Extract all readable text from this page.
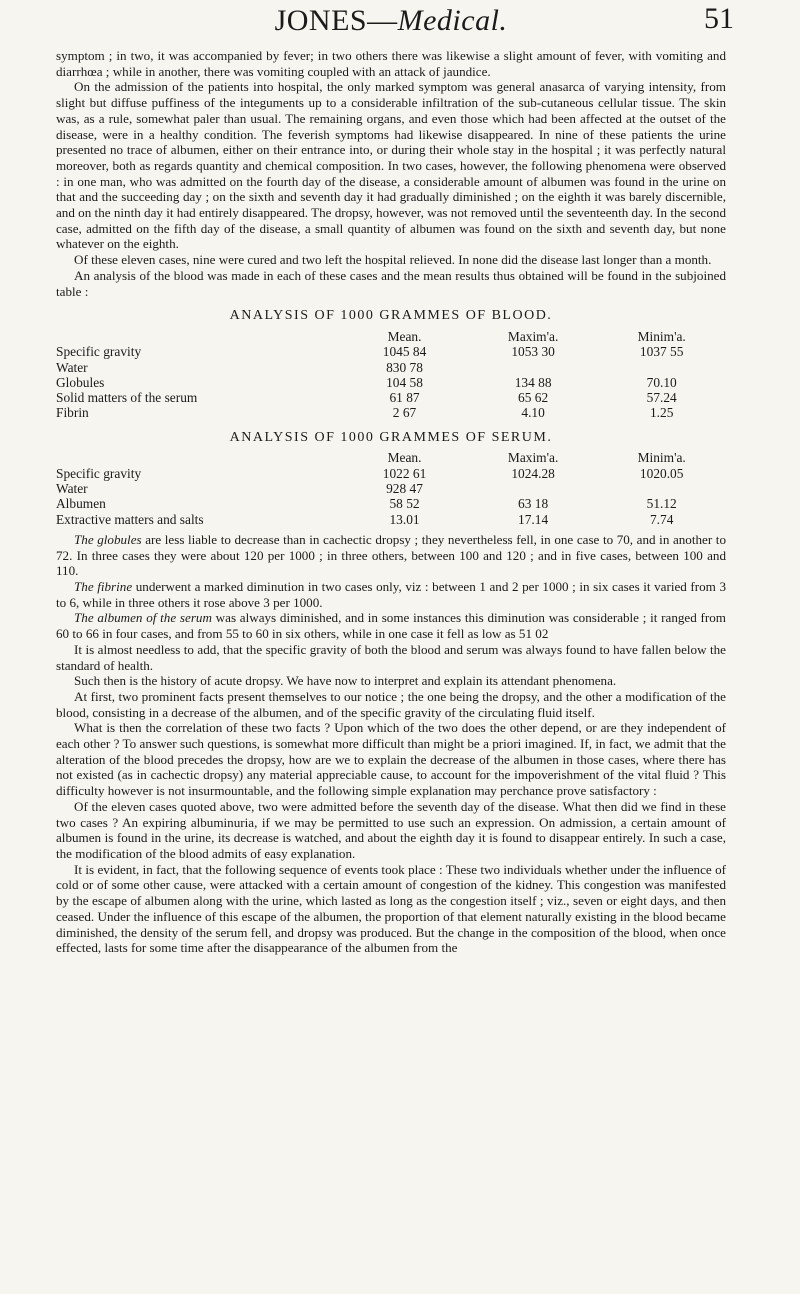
JONES—Medical.	51

symptom ; in two, it was accompanied by fever; in two others there was likewise a slight amount of fever, with vomiting and diarrhœa ; while in another, there was vomiting coupled with an attack of jaundice.

On the admission of the patients into hospital, the only marked symptom was general anasarca of varying intensity, from slight but diffuse puffiness of the integuments up to a considerable infiltration of the sub-cutaneous cellular tissue. The skin was, as a rule, somewhat paler than usual. The remaining organs, and even those which had been affected at the outset of the disease, were in a healthy condition. The feverish symptoms had likewise disappeared. In nine of these patients the urine presented no trace of albumen, either on their entrance into, or during their whole stay in the hospital ; it was perfectly natural moreover, both as regards quantity and chemical composition. In two cases, however, the following phenomena were observed : in one man, who was admitted on the fourth day of the disease, a considerable amount of albumen was found in the urine on that and the succeeding day ; on the sixth and seventh day it had gradually diminished ; on the eighth it was barely discernible, and on the ninth day it had entirely disappeared. The dropsy, however, was not removed until the seventeenth day. In the second case, admitted on the fifth day of the disease, a small quantity of albumen was found on the sixth and seventh day, but none whatever on the eighth.

Of these eleven cases, nine were cured and two left the hospital relieved. In none did the disease last longer than a month.

An analysis of the blood was made in each of these cases and the mean results thus obtained will be found in the subjoined table :

ANALYSIS OF 1000 GRAMMES OF BLOOD.
	Mean.	Maxim'a.	Minim'a.
Specific gravity	1045 84	1053 30	1037 55
Water	830 78		
Globules	104 58	134 88	70.10
Solid matters of the serum	61 87	65 62	57.24
Fibrin	2 67	4.10	1.25
ANALYSIS OF 1000 GRAMMES OF SERUM.
	Mean.	Maxim'a.	Minim'a.
Specific gravity	1022 61	1024.28	1020.05
Water	928 47		
Albumen	58 52	63 18	51.12
Extractive matters and salts	13.01	17.14	7.74

The globules are less liable to decrease than in cachectic dropsy ; they nevertheless fell, in one case to 70, and in another to 72. In three cases they were about 120 per 1000 ; in three others, between 100 and 120 ; and in five cases, between 100 and 110.

The fibrine underwent a marked diminution in two cases only, viz : between 1 and 2 per 1000 ; in six cases it varied from 3 to 6, while in three others it rose above 3 per 1000.

The albumen of the serum was always diminished, and in some instances this diminution was considerable ; it ranged from 60 to 66 in four cases, and from 55 to 60 in six others, while in one case it fell as low as 51 02

It is almost needless to add, that the specific gravity of both the blood and serum was always found to have fallen below the standard of health.

Such then is the history of acute dropsy. We have now to interpret and explain its attendant phenomena.

At first, two prominent facts present themselves to our notice ; the one being the dropsy, and the other a modification of the blood, consisting in a decrease of the albumen, and of the specific gravity of the circulating fluid itself.

What is then the correlation of these two facts ? Upon which of the two does the other depend, or are they independent of each other ? To answer such questions, is somewhat more difficult than might be a priori imagined. If, in fact, we admit that the alteration of the blood precedes the dropsy, how are we to explain the decrease of the albumen in those cases, where there has not existed (as in cachectic dropsy) any material appreciable cause, to account for the impoverishment of the vital fluid ? This difficulty however is not insurmountable, and the following simple explanation may perchance prove satisfactory :

Of the eleven cases quoted above, two were admitted before the seventh day of the disease. What then did we find in these two cases ? An expiring albuminuria, if we may be permitted to use such an expression. On admission, a certain amount of albumen is found in the urine, its decrease is watched, and about the eighth day it is found to disappear entirely. In such a case, the modification of the blood admits of easy explanation.

It is evident, in fact, that the following sequence of events took place : These two individuals whether under the influence of cold or of some other cause, were attacked with a certain amount of congestion of the kidney. This congestion was manifested by the escape of albumen along with the urine, which lasted as long as the congestion itself ; viz., seven or eight days, and then ceased. Under the influence of this escape of the albumen, the proportion of that element naturally existing in the blood became diminished, the density of the serum fell, and dropsy was produced. But the change in the composition of the blood, when once effected, lasts for some time after the disappearance of the albumen from the
